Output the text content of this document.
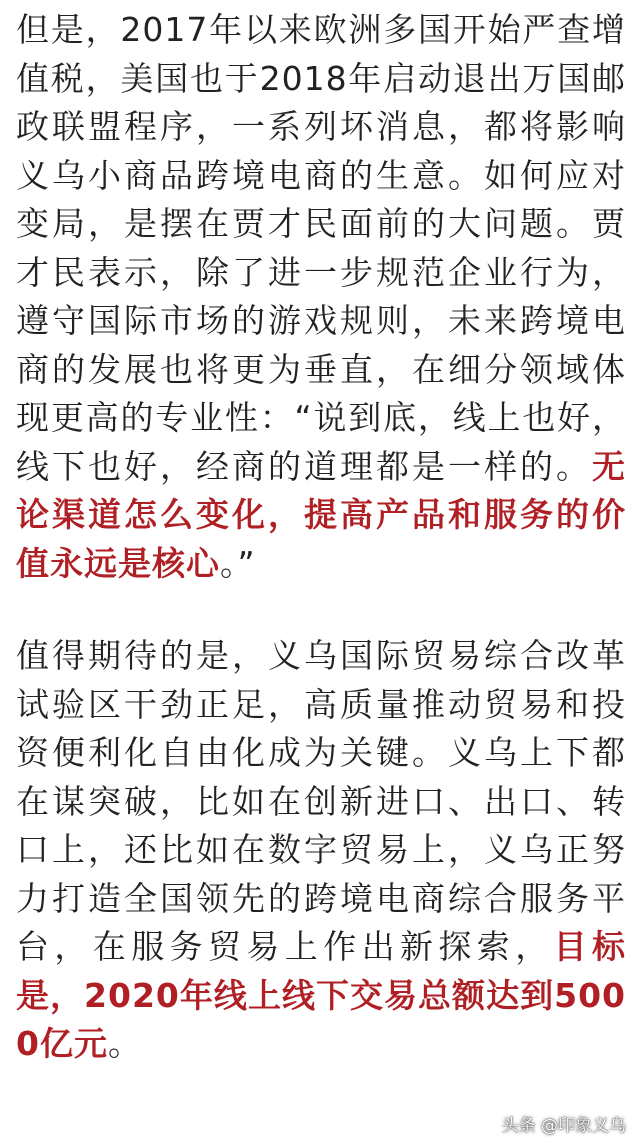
但是，2017年以来欧洲多国开始严查增值税，美国也于2018年启动退出万国邮政联盟程序，一系列坏消息，都将影响义乌小商品跨境电商的生意。如何应对变局，是摆在贾才民面前的大问题。贾才民表示，除了进一步规范企业行为，遵守国际市场的游戏规则，未来跨境电商的发展也将更为垂直，在细分领域体现更高的专业性：“说到底，线上也好，线下也好，经商的道理都是一样的。无论渠道怎么变化，提高产品和服务的价值永远是核心。”

值得期待的是，义乌国际贸易综合改革试验区干劲正足，高质量推动贸易和投资便利化自由化成为关键。义乌上下都在谋突破，比如在创新进口、出口、转口上，还比如在数字贸易上，义乌正努力打造全国领先的跨境电商综合服务平台，在服务贸易上作出新探索，目标是，2020年线上线下交易总额达到5000亿元。

头条 @印象义乌
